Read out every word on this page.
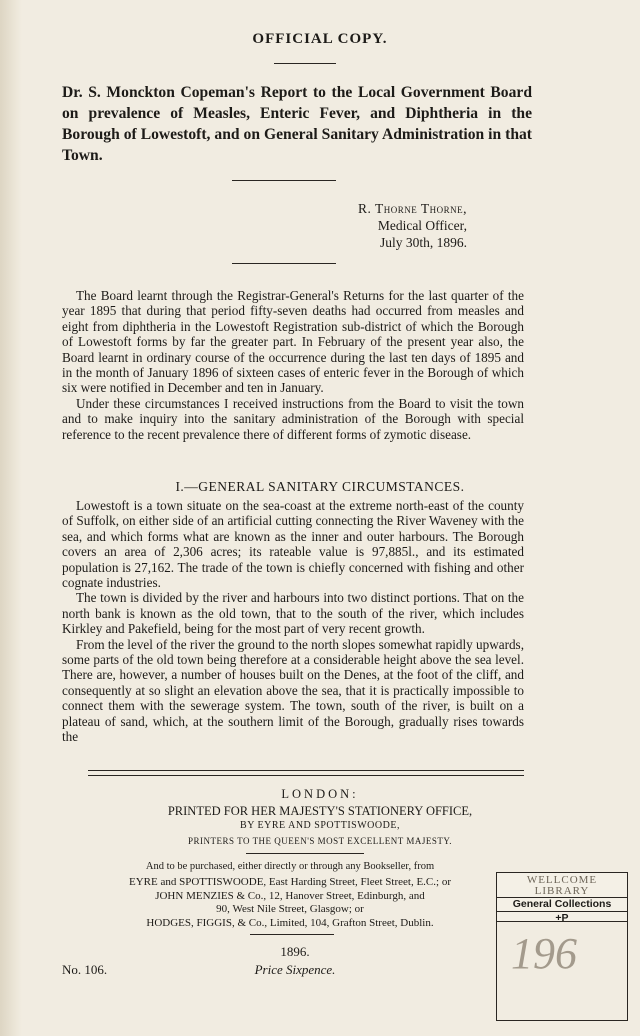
OFFICIAL COPY.
Dr. S. Monckton Copeman's Report to the Local Government Board on prevalence of Measles, Enteric Fever, and Diphtheria in the Borough of Lowestoft, and on General Sanitary Administration in that Town.
R. Thorne Thorne,
Medical Officer,
July 30th, 1896.

The Board learnt through the Registrar-General's Returns for the last quarter of the year 1895 that during that period fifty-seven deaths had occurred from measles and eight from diphtheria in the Lowestoft Registration sub-district of which the Borough of Lowestoft forms by far the greater part. In February of the present year also, the Board learnt in ordinary course of the occurrence during the last ten days of 1895 and in the month of January 1896 of sixteen cases of enteric fever in the Borough of which six were notified in December and ten in January.

Under these circumstances I received instructions from the Board to visit the town and to make inquiry into the sanitary administration of the Borough with special reference to the recent prevalence there of different forms of zymotic disease.

I.—GENERAL SANITARY CIRCUMSTANCES.

Lowestoft is a town situate on the sea-coast at the extreme north-east of the county of Suffolk, on either side of an artificial cutting connecting the River Waveney with the sea, and which forms what are known as the inner and outer harbours. The Borough covers an area of 2,306 acres; its rateable value is 97,885l., and its estimated population is 27,162. The trade of the town is chiefly concerned with fishing and other cognate industries.

The town is divided by the river and harbours into two distinct portions. That on the north bank is known as the old town, that to the south of the river, which includes Kirkley and Pakefield, being for the most part of very recent growth.

From the level of the river the ground to the north slopes somewhat rapidly upwards, some parts of the old town being therefore at a considerable height above the sea level. There are, however, a number of houses built on the Denes, at the foot of the cliff, and consequently at so slight an elevation above the sea, that it is practically impossible to connect them with the sewerage system. The town, south of the river, is built on a plateau of sand, which, at the southern limit of the Borough, gradually rises towards the

LONDON:
PRINTED FOR HER MAJESTY'S STATIONERY OFFICE,
BY EYRE AND SPOTTISWOODE,
PRINTERS TO THE QUEEN'S MOST EXCELLENT MAJESTY.
And to be purchased, either directly or through any Bookseller, from
EYRE and SPOTTISWOODE, East Harding Street, Fleet Street, E.C.; or
JOHN MENZIES & Co., 12, Hanover Street, Edinburgh, and
90, West Nile Street, Glasgow; or
HODGES, FIGGIS, & Co., Limited, 104, Grafton Street, Dublin.
1896.
No. 106.	Price Sixpence.
WELLCOME
LIBRARY
General Collections
+P
196
